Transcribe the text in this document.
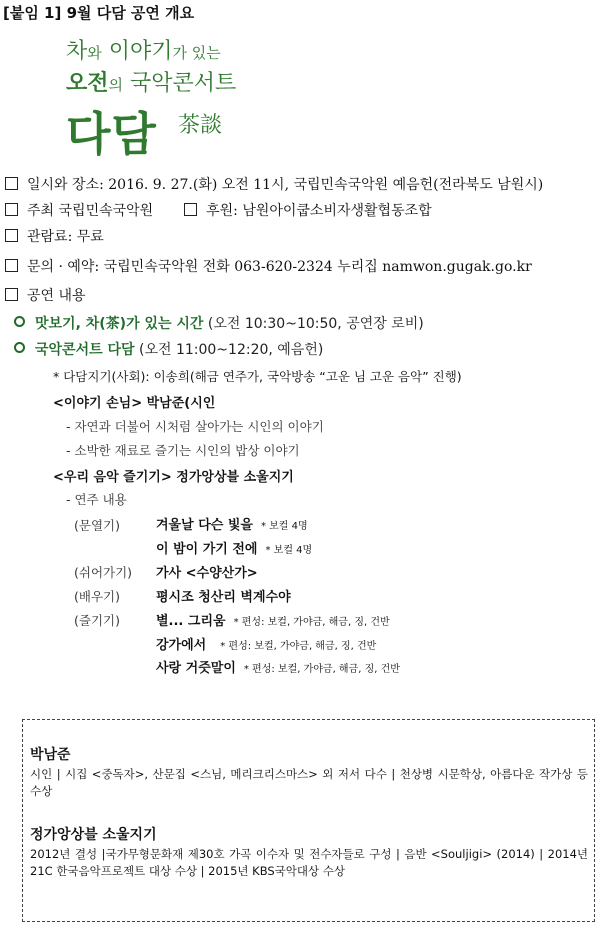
[붙임 1] 9월 다담 공연 개요
차와 이야기가 있는
오전의 국악콘서트
다담 茶談
일시와 장소: 2016. 9. 27.(화) 오전 11시, 국립민속국악원 예음헌(전라북도 남원시)
주최 국립민속국악원	후원: 남원아이쿱소비자생활협동조합
관람료: 무료
문의 · 예약: 국립민속국악원 전화 063-620-2324 누리집 namwon.gugak.go.kr
공연 내용
맛보기, 차(茶)가 있는 시간 (오전 10:30~10:50, 공연장 로비)
국악콘서트 다담 (오전 11:00~12:20, 예음헌)
* 다담지기(사회): 이송희(해금 연주가, 국악방송 “고운 님 고운 음악” 진행)
<이야기 손님> 박남준(시인
- 자연과 더불어 시처럼 살아가는 시인의 이야기
- 소박한 재료로 즐기는 시인의 밥상 이야기
<우리 음악 즐기기> 정가앙상블 소울지기
- 연주 내용
(문열기)	겨울날 다슨 빛을 * 보컬 4명
이 밤이 가기 전에 * 보컬 4명
(쉬어가기) 가사 <수양산가>
(배우기)	평시조 청산리 벽계수야
(즐기기)	별... 그리움 * 편성: 보컬, 가야금, 해금, 징, 건반
강가에서 * 편성: 보컬, 가야금, 해금, 징, 건반
사랑 거즛말이 * 편성: 보컬, 가야금, 해금, 징, 건반
박남준
시인 | 시집 <중독자>, 산문집 <스님, 메리크리스마스> 외 저서 다수 | 천상병 시문학상, 아름다운 작가상 등 수상
정가앙상블 소울지기
2012년 결성 |국가무형문화재 제30호 가곡 이수자 및 전수자들로 구성 | 음반 <Souljigi> (2014) | 2014년 21C 한국음악프로젝트 대상 수상 | 2015년 KBS국악대상 수상
